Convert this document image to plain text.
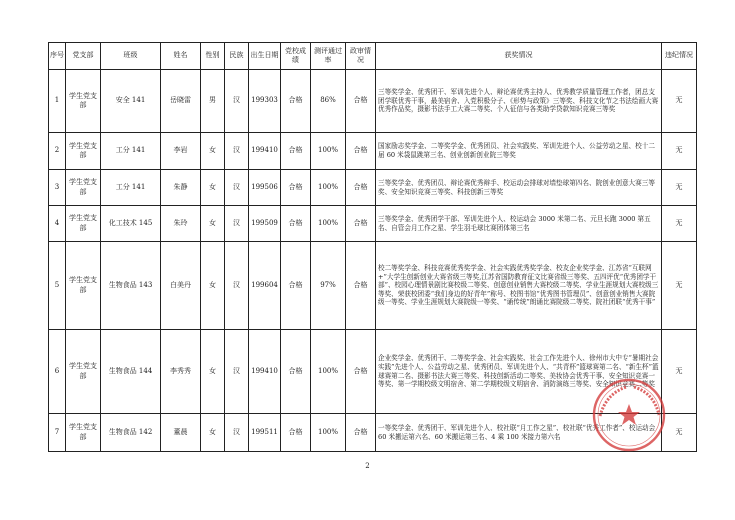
序号	党支部	班级	姓名	性别	民族	出生日期	党校成绩	测评通过率	政审情况	获奖情况	违纪情况
1	学生党支部	安全 141	岳晓雷	男	汉	199303	合格	86%	合格	三等奖学金、优秀团干、军训先进个人、辩论赛优秀主持人、优秀教学质量管理工作者，团总支团学联优秀干事，最美宿舍、入党积极分子、《形势与政策》三等奖、科技文化节之书法绘画大赛优秀作品奖，摄影书法手工大赛二等奖、个人征信与各类助学贷款知识竞赛三等奖	无
2	学生党支部	工分 141	李岩	女	汉	199410	合格	100%	合格	国家励志奖学金、二等奖学金、优秀团员、社会实践奖、军训先进个人、公益劳动之星、校十二届 60 米袋鼠跳第三名、创业创新创业院三等奖	无
3	学生党支部	工分 141	朱静	女	汉	199506	合格	100%	合格	三等奖学金、优秀团员、辩论赛优秀辩手、校运动会排球对墙垫球第四名、院创业创意大赛三等奖、安全知识竞赛三等奖、科技创新三等奖	无
4	学生党支部	化工技术 145	朱玲	女	汉	199509	合格	100%	合格	三等奖学金、优秀团学干部、军训先进个人、校运动会 3000 米第二名、元旦长跑 3000 第五名、自管会月工作之星、学生羽毛球比赛团体第三名	无
5	学生党支部	生物食品 143	白美丹	女	汉	199604	合格	97%	合格	校二等奖学金、科技竞赛优秀奖学金、社会实践优秀奖学金、校友企业奖学金、江苏省“互联网+”大学生创新创业大赛省级三等奖,江苏省国防教育征文比赛省级三等奖、五四评优“优秀团学干部”、校园心理情景剧比赛校级二等奖、创意创业销售大赛校级二等奖、学业生涯规划大赛校级三等奖、荣获校团委“我们身边的好青年”称号、校图书馆“优秀图书管理员”、创意创业销售大赛院级一等奖、学业生涯规划大赛院级一等奖、“诵传统”朗诵比赛院级二等奖、院社团联“优秀干事”	无
6	学生党支部	生物食品 144	李秀秀	女	汉	199410	合格	100%	合格	企业奖学金、优秀团干、二等奖学金、社会实践奖、社会工作先进个人、徐州市大中专“暑期社会实践”先进个人、公益劳动之星、优秀团员、军训先进个人、“共青杯”篮球赛第二名、“新生杯”篮球赛第二名、摄影书法大赛三等奖、科技创新活动二等奖、美妆协会优秀干事、安全知识竞赛一等奖、第一学期校级文明宿舍、第二学期校级文明宿舍、消防演练三等奖、安全知识竞赛二等奖	无
7	学生党支部	生物食品 142	董晨	女	汉	199511	合格	100%	合格	一等奖学金、优秀团干、军训先进个人、校社联“月工作之星”、校社联“优秀工作者”、校运动会 60 米搬运第六名、60 米搬运第三名、4 乘 100 米接力第六名	无
2
